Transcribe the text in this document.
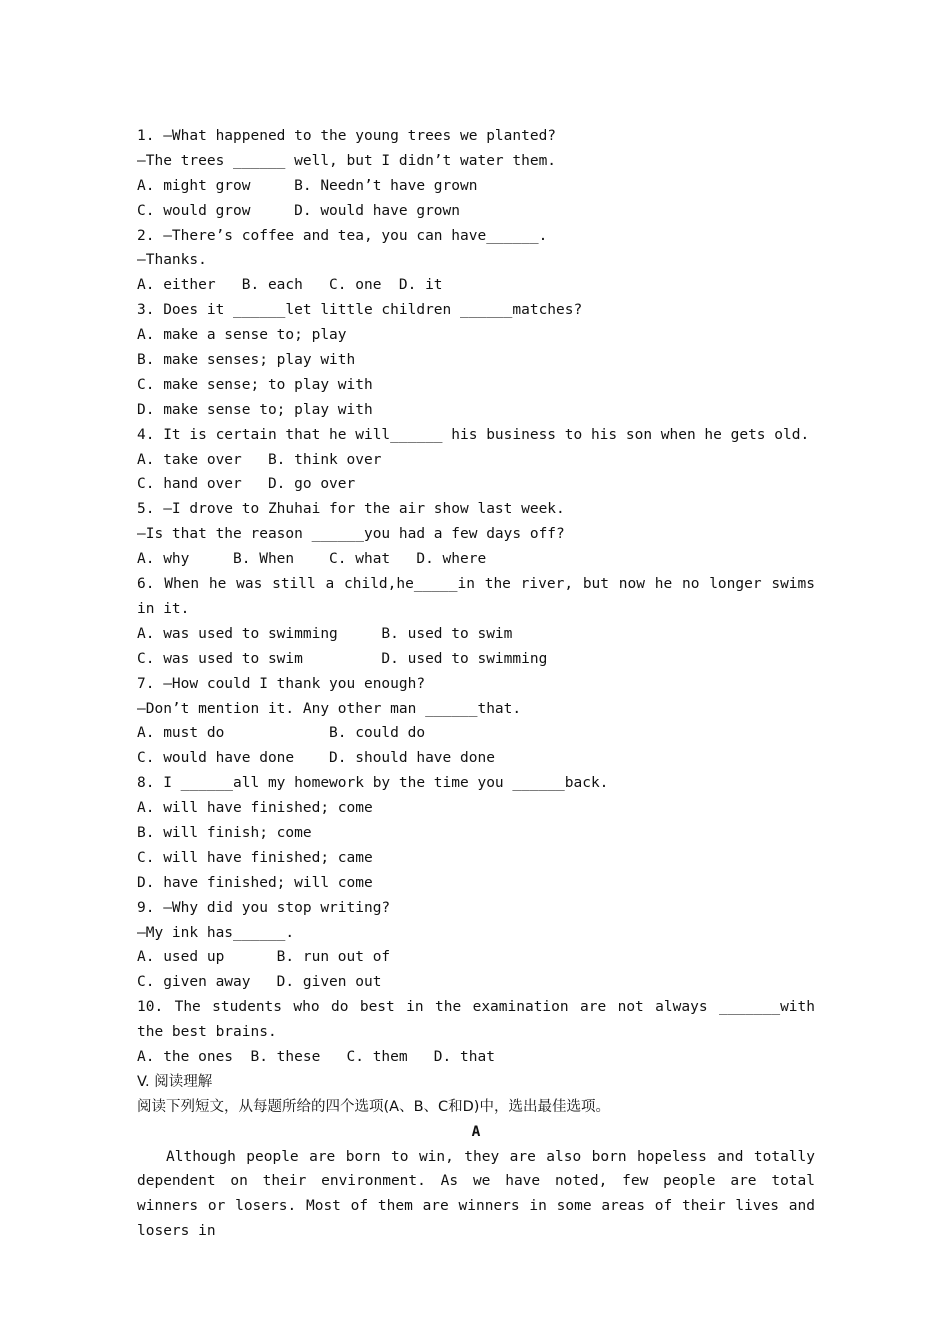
1. —What happened to the young trees we planted?
—The trees ______ well, but I didn’t water them.
A. might grow     B. Needn’t have grown
C. would grow     D. would have grown
2. —There’s coffee and tea, you can have______.
—Thanks.
A. either   B. each   C. one  D. it
3. Does it ______let little children ______matches?
A. make a sense to; play
B. make senses; play with
C. make sense; to play with
D. make sense to; play with
4. It is certain that he will______ his business to his son when he gets old.
A. take over   B. think over
C. hand over   D. go over
5. —I drove to Zhuhai for the air show last week.
—Is that the reason ______you had a few days off?
A. why     B. When    C. what   D. where
6. When he was still a child,he_____in the river, but now he no longer swims in it.
A. was used to swimming     B. used to swim
C. was used to swim         D. used to swimming
7. —How could I thank you enough?
—Don’t mention it. Any other man ______that.
A. must do            B. could do
C. would have done    D. should have done
8. I ______all my homework by the time you ______back.
A. will have finished; come
B. will finish; come
C. will have finished; came
D. have finished; will come
9. —Why did you stop writing?
—My ink has______.
A. used up      B. run out of
C. given away   D. given out
10. The students who do best in the examination are not always _______with the best brains.
A. the ones  B. these   C. them   D. that
V. 阅读理解
阅读下列短文，从每题所给的四个选项(A、B、C和D)中，选出最佳选项。
A
Although people are born to win, they are also born hopeless and totally dependent on their environment. As we have noted, few people are total winners or losers. Most of them are winners in some areas of their lives and losers in
